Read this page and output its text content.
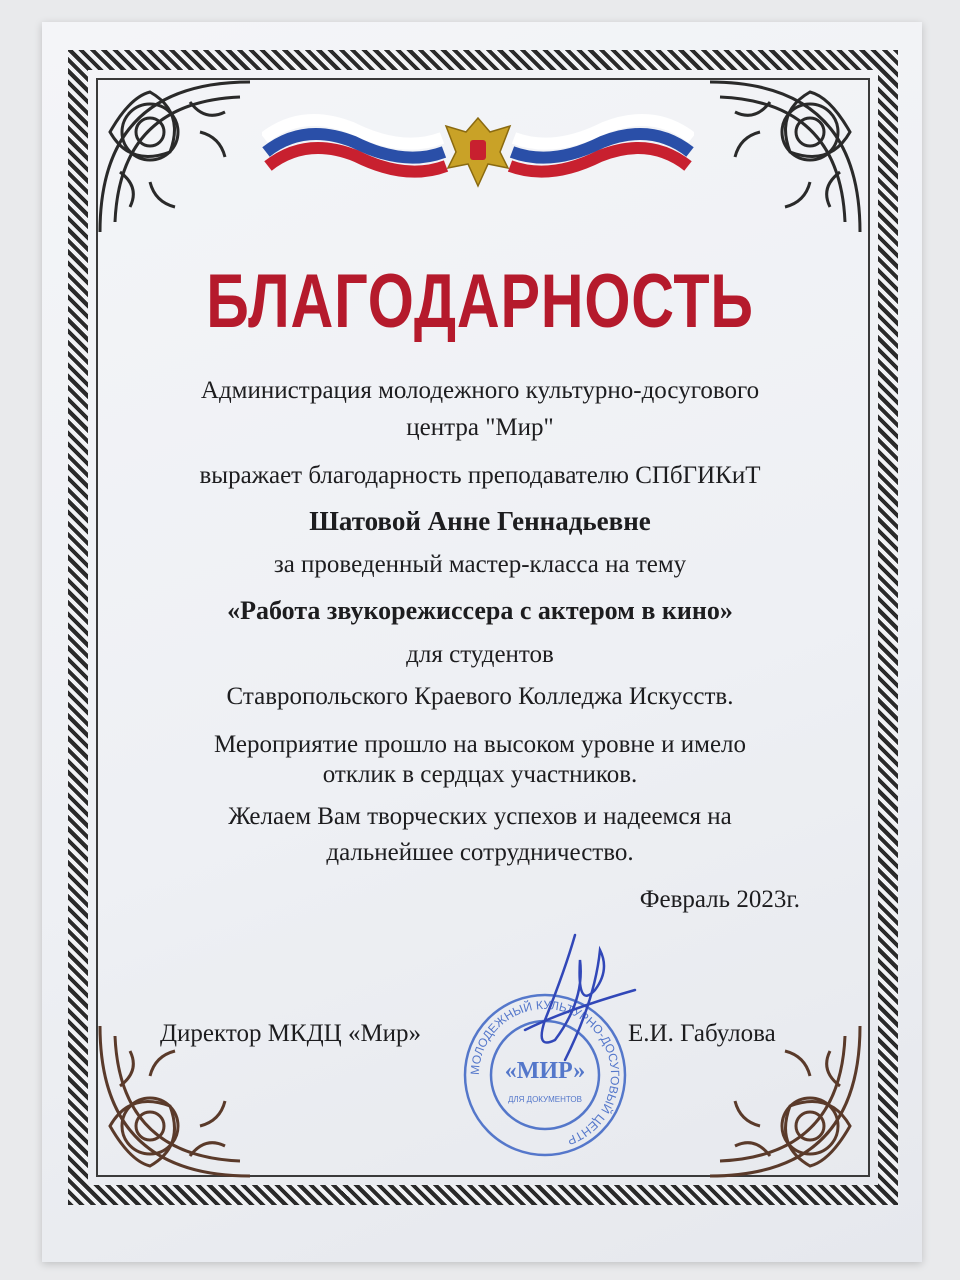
БЛАГОДАРНОСТЬ
Администрация молодежного культурно-досугового
центра "Мир"
выражает благодарность преподавателю СПбГИКиТ
Шатовой Анне Геннадьевне
за проведенный мастер-класса на тему
«Работа звукорежиссера с актером в кино»
для студентов
Ставропольского Краевого Колледжа Искусств.
Мероприятие прошло на высоком уровне и имело
отклик в сердцах участников.
Желаем Вам творческих успехов и надеемся на
дальнейшее сотрудничество.
Февраль 2023г.
Директор МКДЦ «Мир»	Е.И. Габулова
МОЛОДЕЖНЫЙ КУЛЬТУРНО-ДОСУГОВЫЙ ЦЕНТР
«МИР»
ДЛЯ ДОКУМЕНТОВ
